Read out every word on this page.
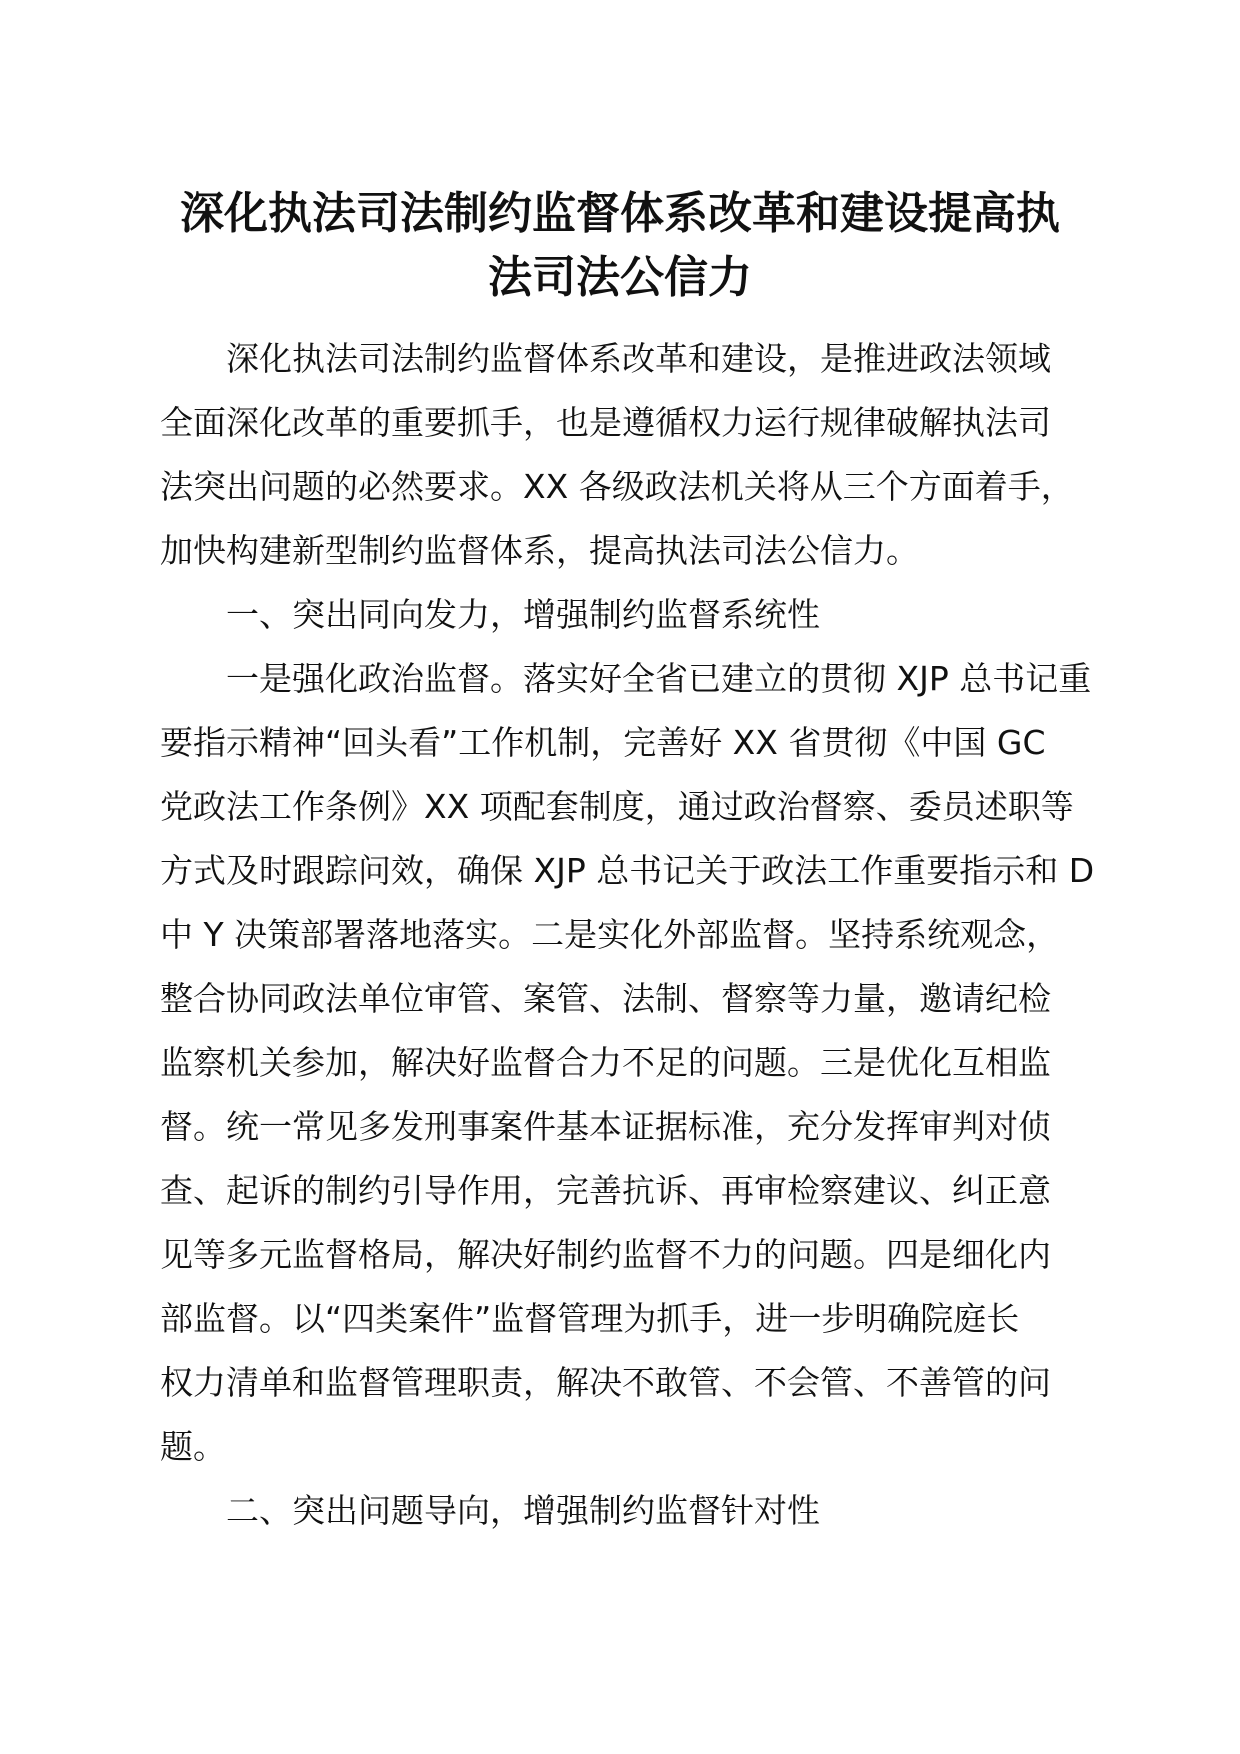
深化执法司法制约监督体系改革和建设提高执
法司法公信力
深化执法司法制约监督体系改革和建设，是推进政法领域
全面深化改革的重要抓手，也是遵循权力运行规律破解执法司
法突出问题的必然要求。XX 各级政法机关将从三个方面着手，
加快构建新型制约监督体系，提高执法司法公信力。
一、突出同向发力，增强制约监督系统性
一是强化政治监督。落实好全省已建立的贯彻 XJP 总书记重
要指示精神“回头看”工作机制，完善好 XX 省贯彻《中国 GC
党政法工作条例》XX 项配套制度，通过政治督察、委员述职等
方式及时跟踪问效，确保 XJP 总书记关于政法工作重要指示和 D
中 Y 决策部署落地落实。二是实化外部监督。坚持系统观念，
整合协同政法单位审管、案管、法制、督察等力量，邀请纪检
监察机关参加，解决好监督合力不足的问题。三是优化互相监
督。统一常见多发刑事案件基本证据标准，充分发挥审判对侦
查、起诉的制约引导作用，完善抗诉、再审检察建议、纠正意
见等多元监督格局，解决好制约监督不力的问题。四是细化内
部监督。以“四类案件”监督管理为抓手，进一步明确院庭长
权力清单和监督管理职责，解决不敢管、不会管、不善管的问
题。
二、突出问题导向，增强制约监督针对性
